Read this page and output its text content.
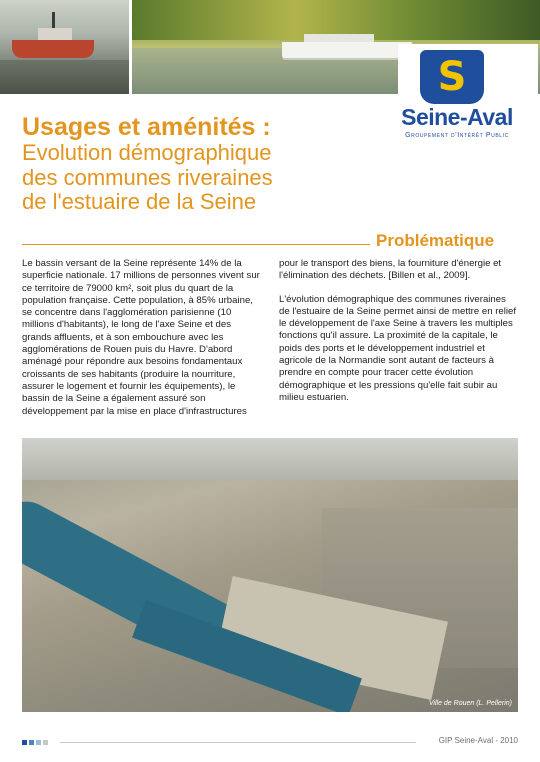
S
Seine-Aval
Groupement d'Intérêt Public
Usages et aménités :
Evolution démographique
des communes riveraines
de l'estuaire de la Seine
Problématique

Le bassin versant de la Seine représente 14% de la superficie nationale. 17 millions de personnes vivent sur ce territoire de 79000 km², soit plus du quart de la population française. Cette population, à 85% urbaine, se concentre dans l'agglomération parisienne (10 millions d'habitants), le long de l'axe Seine et des grands affluents, et à son embouchure avec les agglomérations de Rouen puis du Havre. D'abord aménagé pour répondre aux besoins fondamentaux croissants de ses habitants (produire la nourriture, assurer le logement et fournir les équipements), le bassin de la Seine a également assuré son développement par la mise en place d'infrastructures

pour le transport des biens, la fourniture d'énergie et l'élimination des déchets. [Billen et al., 2009].

L'évolution démographique des communes riveraines de l'estuaire de la Seine permet ainsi de mettre en relief le développement de l'axe Seine à travers les multiples fonctions qu'il assure. La proximité de la capitale, le poids des ports et le développement industriel et agricole de la Normandie sont autant de facteurs à prendre en compte pour tracer cette évolution démographique et les pressions qu'elle fait subir au milieu estuarien.

Ville de Rouen (L. Pellerin)
GIP Seine-Aval - 2010
